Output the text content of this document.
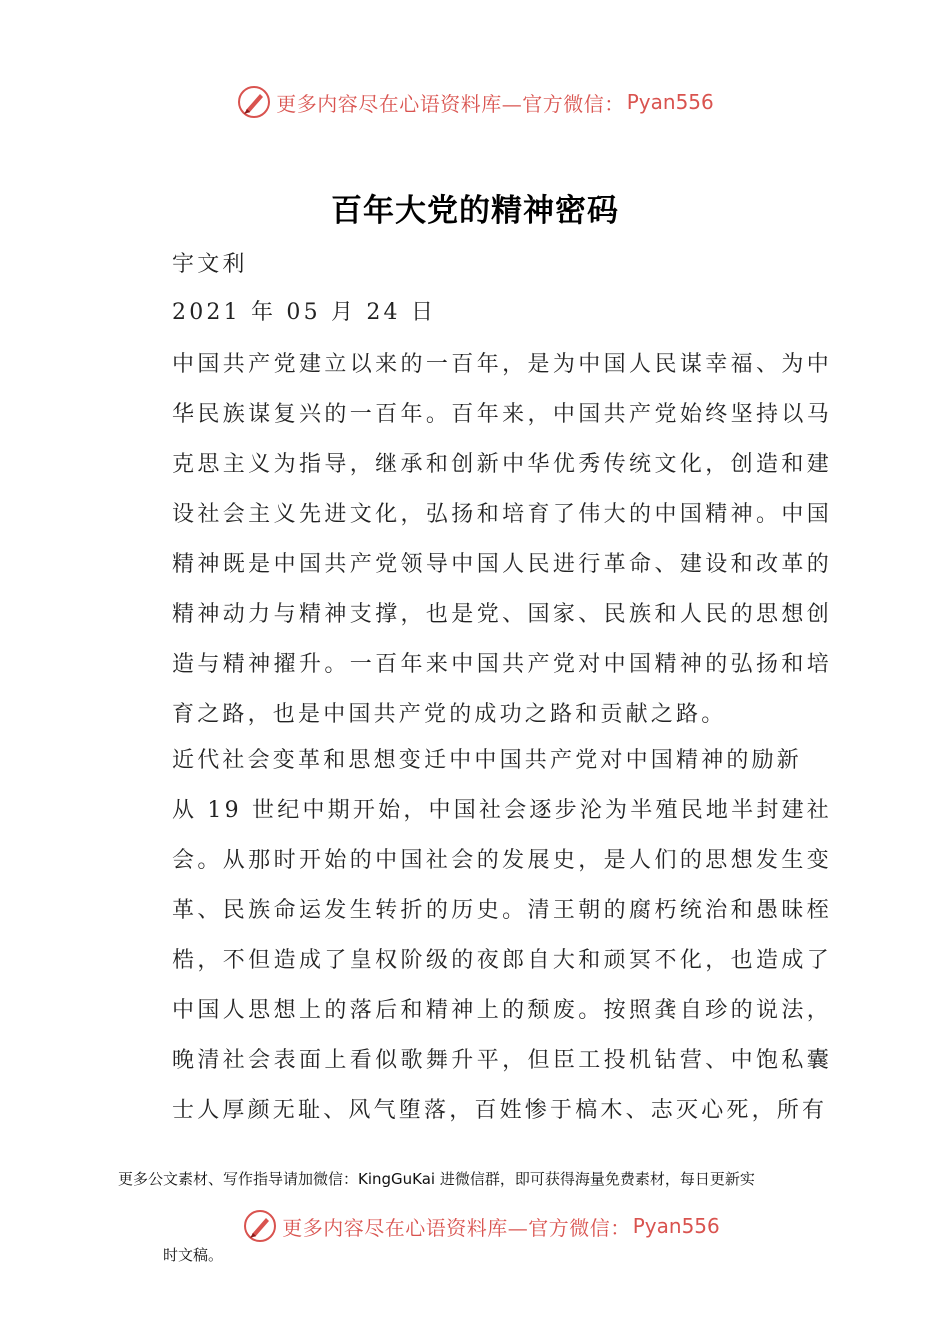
更多内容尽在心语资料库—官方微信： Pyan556
百年大党的精神密码

宇文利

2021 年 05 月 24 日

中国共产党建立以来的一百年，是为中国人民谋幸福、为中华民族谋复兴的一百年。百年来，中国共产党始终坚持以马克思主义为指导，继承和创新中华优秀传统文化，创造和建设社会主义先进文化，弘扬和培育了伟大的中国精神。中国精神既是中国共产党领导中国人民进行革命、建设和改革的精神动力与精神支撑，也是党、国家、民族和人民的思想创造与精神擢升。一百年来中国共产党对中国精神的弘扬和培育之路，也是中国共产党的成功之路和贡献之路。

近代社会变革和思想变迁中中国共产党对中国精神的励新

从 19 世纪中期开始，中国社会逐步沦为半殖民地半封建社会。从那时开始的中国社会的发展史，是人们的思想发生变革、民族命运发生转折的历史。清王朝的腐朽统治和愚昧桎梏，不但造成了皇权阶级的夜郎自大和顽冥不化，也造成了中国人思想上的落后和精神上的颓废。按照龚自珍的说法，晚清社会表面上看似歌舞升平，但臣工投机钻营、中饱私囊士人厚颜无耻、风气堕落，百姓惨于槁木、志灭心死，所有

更多公文素材、写作指导请加微信：KingGuKai 进微信群，即可获得海量免费素材，每日更新实
更多内容尽在心语资料库—官方微信： Pyan556
时文稿。
